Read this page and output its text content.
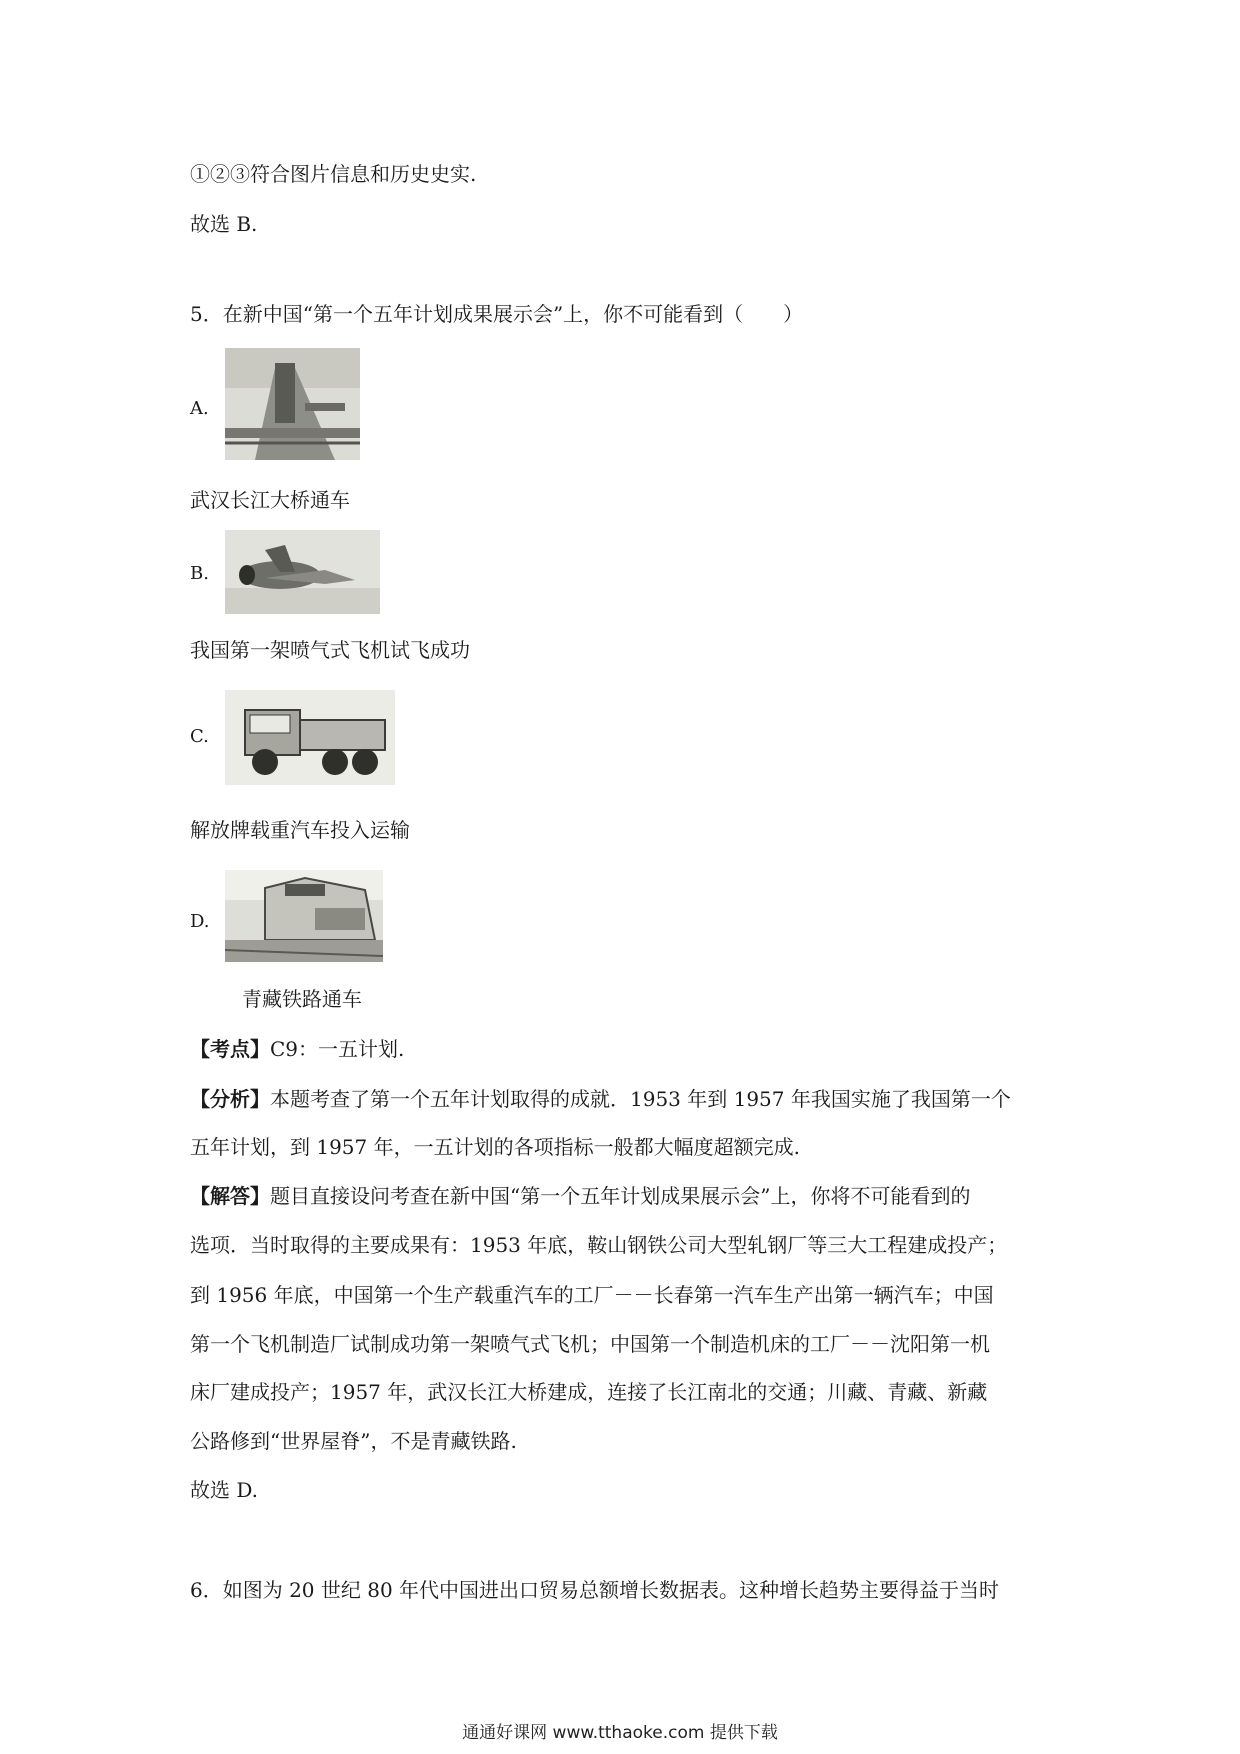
①②③符合图片信息和历史史实.
故选 B.
5．在新中国“第一个五年计划成果展示会”上，你不可能看到（　　）
A.
武汉长江大桥通车
B.
我国第一架喷气式飞机试飞成功
C.
解放牌载重汽车投入运输
D.
青藏铁路通车
【考点】C9：一五计划.
【分析】本题考查了第一个五年计划取得的成就．1953 年到 1957 年我国实施了我国第一个
五年计划，到 1957 年，一五计划的各项指标一般都大幅度超额完成.
【解答】题目直接设问考查在新中国“第一个五年计划成果展示会”上，你将不可能看到的
选项．当时取得的主要成果有：1953 年底，鞍山钢铁公司大型轧钢厂等三大工程建成投产；
到 1956 年底，中国第一个生产载重汽车的工厂－－长春第一汽车生产出第一辆汽车；中国
第一个飞机制造厂试制成功第一架喷气式飞机；中国第一个制造机床的工厂－－沈阳第一机
床厂建成投产；1957 年，武汉长江大桥建成，连接了长江南北的交通；川藏、青藏、新藏
公路修到“世界屋脊”，不是青藏铁路.
故选 D.
6．如图为 20 世纪 80 年代中国进出口贸易总额增长数据表。这种增长趋势主要得益于当时
通通好课网 www.tthaoke.com 提供下载
